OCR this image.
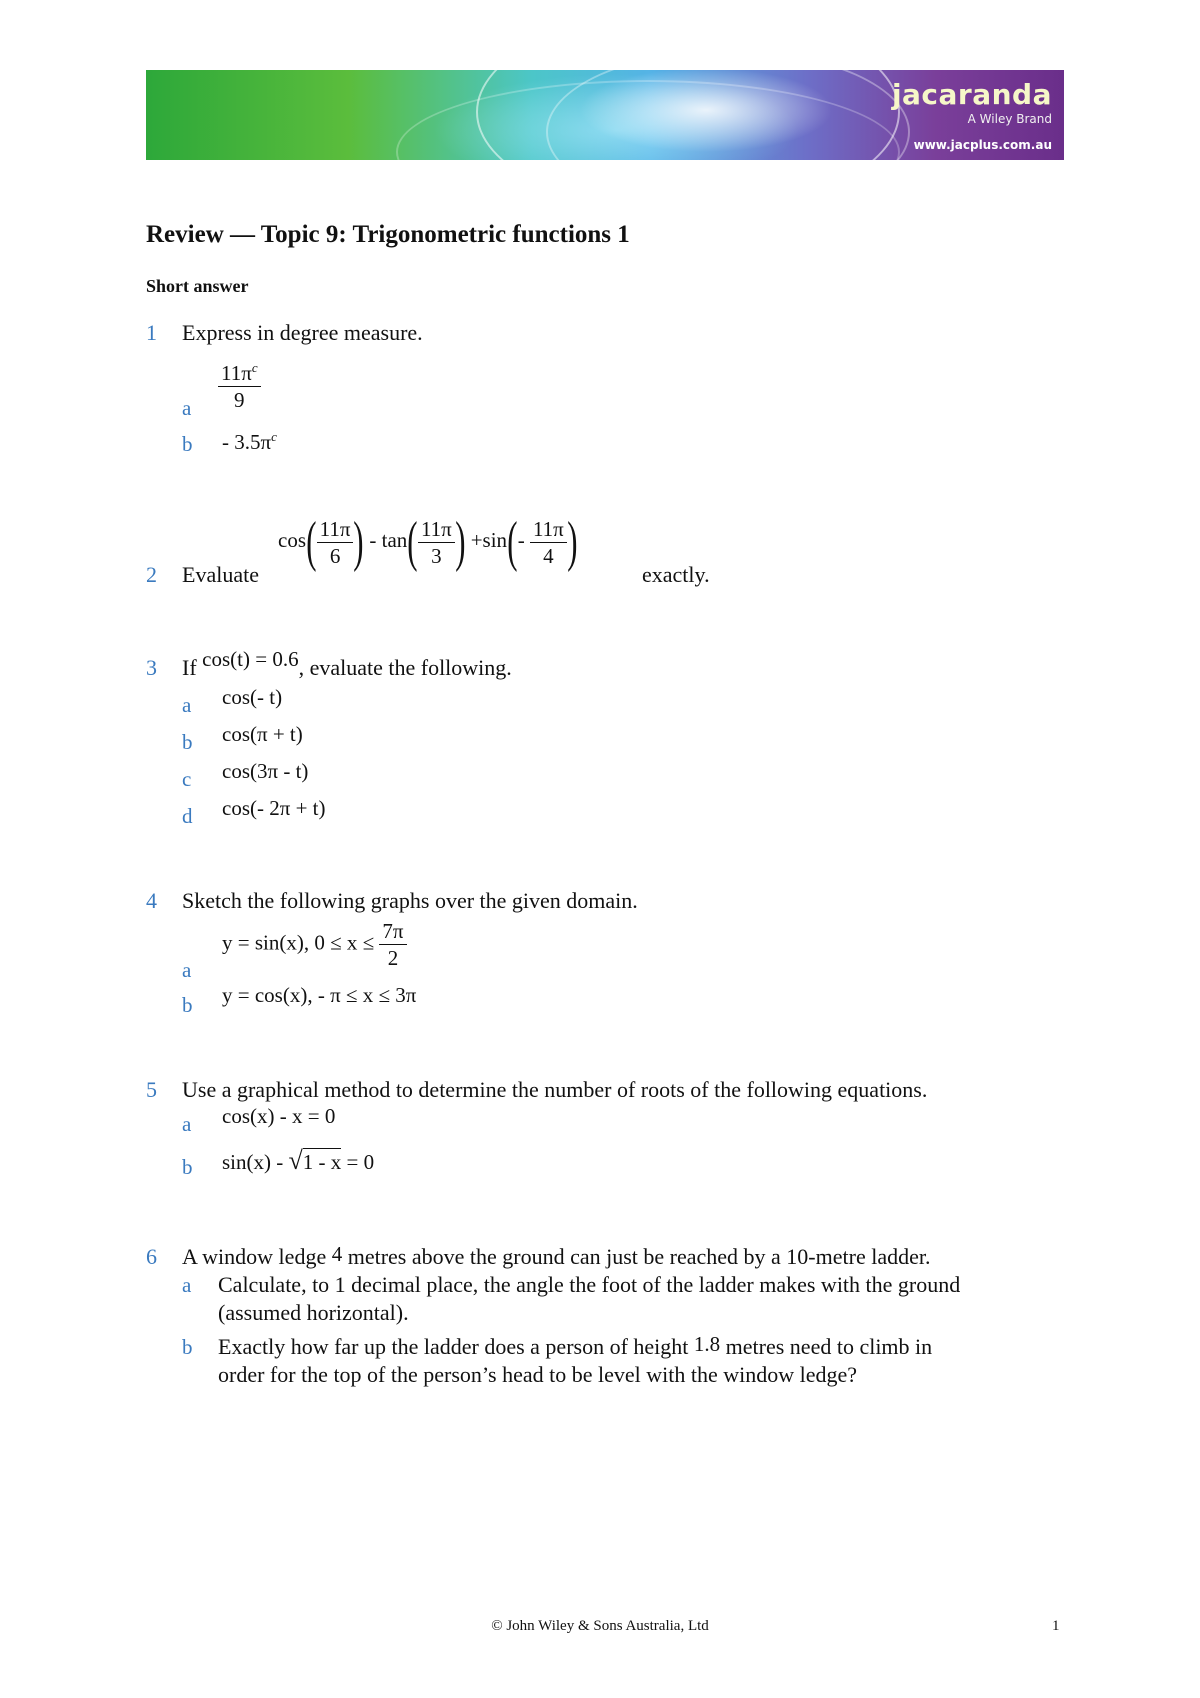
jacaranda
A Wiley Brand
www.jacplus.com.au
Review — Topic 9: Trigonometric functions 1
Short answer
1 Express in degree measure.
a $\frac{11\pi^c}{9}$
b - $3.5\pi^c$
2 Evaluate
$\cos( \frac{11\pi}{6}$ ) - $\tan( \frac{11\pi}{3}$ ) $+\sin(- \frac{11\pi}{4}$ )
exactly.
3 If cos(t) = 0.6, evaluate the following.
a cos(- t)
b cos(π + t)
c cos(3π - t)
d cos(- 2π + t)
4 Sketch the following graphs over the given domain.
a
y = sin(x), $0 \le x \le \frac{7\pi}{2}$
b y = cos(x), - π ≤ x ≤ 3π
5 Use a graphical method to determine the number of roots of the following equations.
a cos(x) - x = 0
b sin(x) - √1 - x = 0
6 A window ledge 4 metres above the ground can just be reached by a 10-metre ladder.
a Calculate, to 1 decimal place, the angle the foot of the ladder makes with the ground
(assumed horizontal).
b Exactly how far up the ladder does a person of height 1.8 metres need to climb in
order for the top of the person’s head to be level with the window ledge?
© John Wiley & Sons Australia, Ltd	1
